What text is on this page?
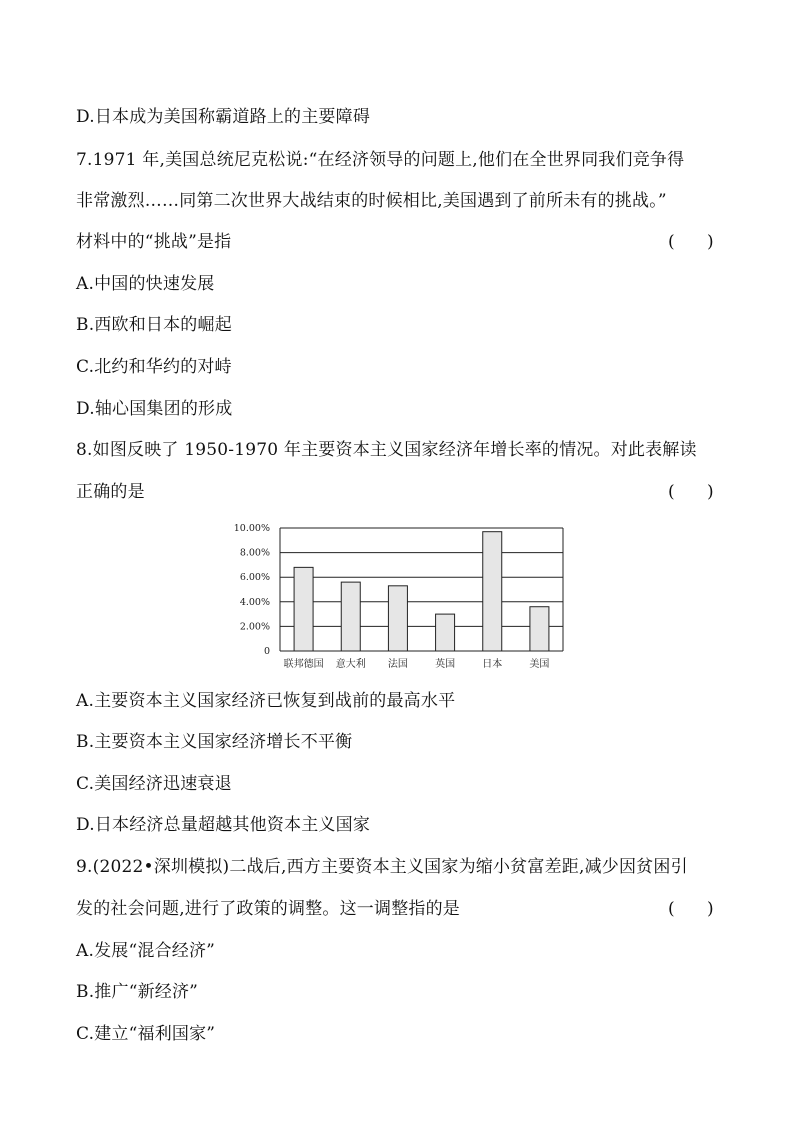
D.日本成为美国称霸道路上的主要障碍
7.1971 年,美国总统尼克松说:“在经济领导的问题上,他们在全世界同我们竞争得
非常激烈……同第二次世界大战结束的时候相比,美国遇到了前所未有的挑战。”
材料中的“挑战”是指	(      )
A.中国的快速发展
B.西欧和日本的崛起
C.北约和华约的对峙
D.轴心国集团的形成
8.如图反映了 1950-1970 年主要资本主义国家经济年增长率的情况。对此表解读
正确的是	(      )
0
2.00%
4.00%
6.00%
8.00%
10.00%
联邦德国 意大利 法国	英国	日本	美国
A.主要资本主义国家经济已恢复到战前的最高水平
B.主要资本主义国家经济增长不平衡
C.美国经济迅速衰退
D.日本经济总量超越其他资本主义国家
9.(2022•深圳模拟)二战后,西方主要资本主义国家为缩小贫富差距,减少因贫困引
发的社会问题,进行了政策的调整。这一调整指的是	(      )
A.发展“混合经济”
B.推广“新经济”
C.建立“福利国家”
